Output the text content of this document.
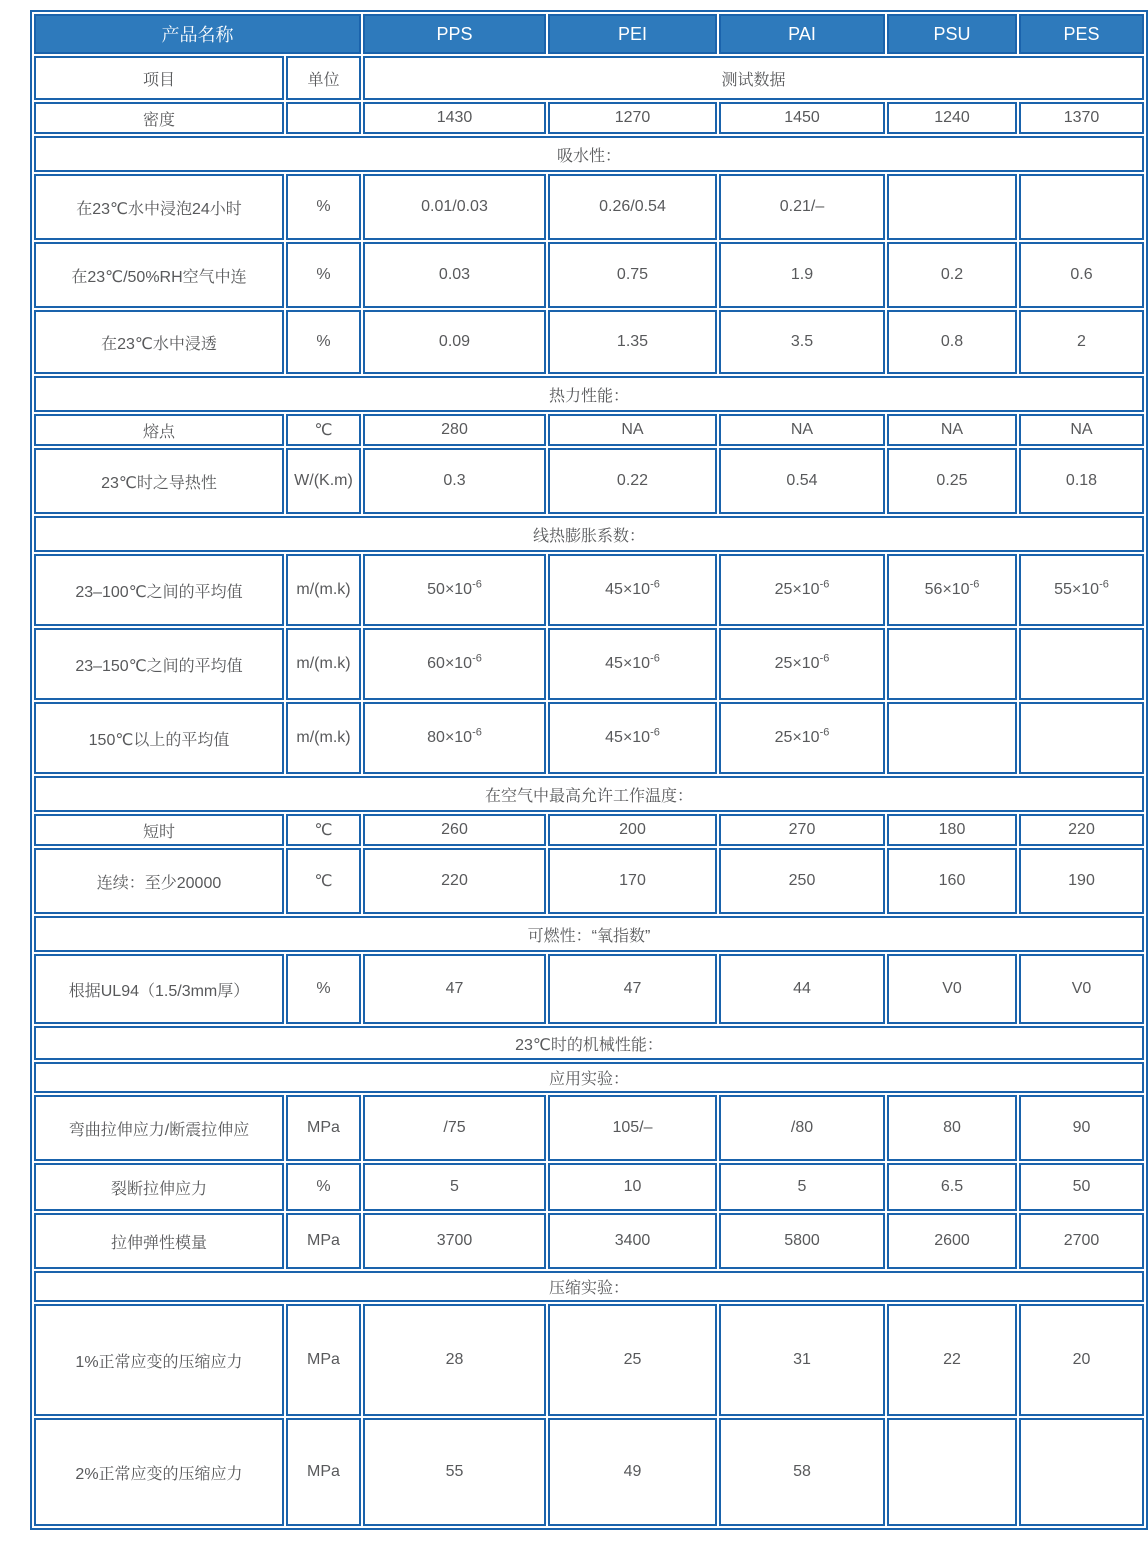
产品名称		PPS	PEI	PAI	PSU	PES
项目	单位	测试数据				
密度		1430	1270	1450	1240	1370
吸水性：						
在23℃水中浸泡24小时	%	0.01/0.03	0.26/0.54	0.21/–		
在23℃/50%RH空气中连	%	0.03	0.75	1.9	0.2	0.6
在23℃水中浸透	%	0.09	1.35	3.5	0.8	2
热力性能：						
熔点	℃	280	NA	NA	NA	NA
23℃时之导热性	W/(K.m)	0.3	0.22	0.54	0.25	0.18
线热膨胀系数：						
23–100℃之间的平均值	m/(m.k)	$50\times 10^{-6}$	$45\times 10^{-6}$	$25\times 10^{-6}$	$56\times 10^{-6}$	$55\times 10^{-6}$
23–150℃之间的平均值	m/(m.k)	$60\times 10^{-6}$	$45\times 10^{-6}$	$25\times 10^{-6}$		
150℃以上的平均值	m/(m.k)	$80\times 10^{-6}$	$45\times 10^{-6}$	$25\times 10^{-6}$		
在空气中最高允许工作温度：						
短时	℃	260	200	270	180	220
连续：至少20000	℃	220	170	250	160	190
可燃性：“氧指数”						
根据UL94（1.5/3mm厚）	%	47	47	44	V0	V0
23℃时的机械性能：						
应用实验：						
弯曲拉伸应力/断震拉伸应	MPa	/75	105/–	/80	80	90
裂断拉伸应力	%	5	10	5	6.5	50
拉伸弹性模量	MPa	3700	3400	5800	2600	2700
压缩实验：						
1%正常应变的压缩应力	MPa	28	25	31	22	20
2%正常应变的压缩应力	MPa	55	49	58		
